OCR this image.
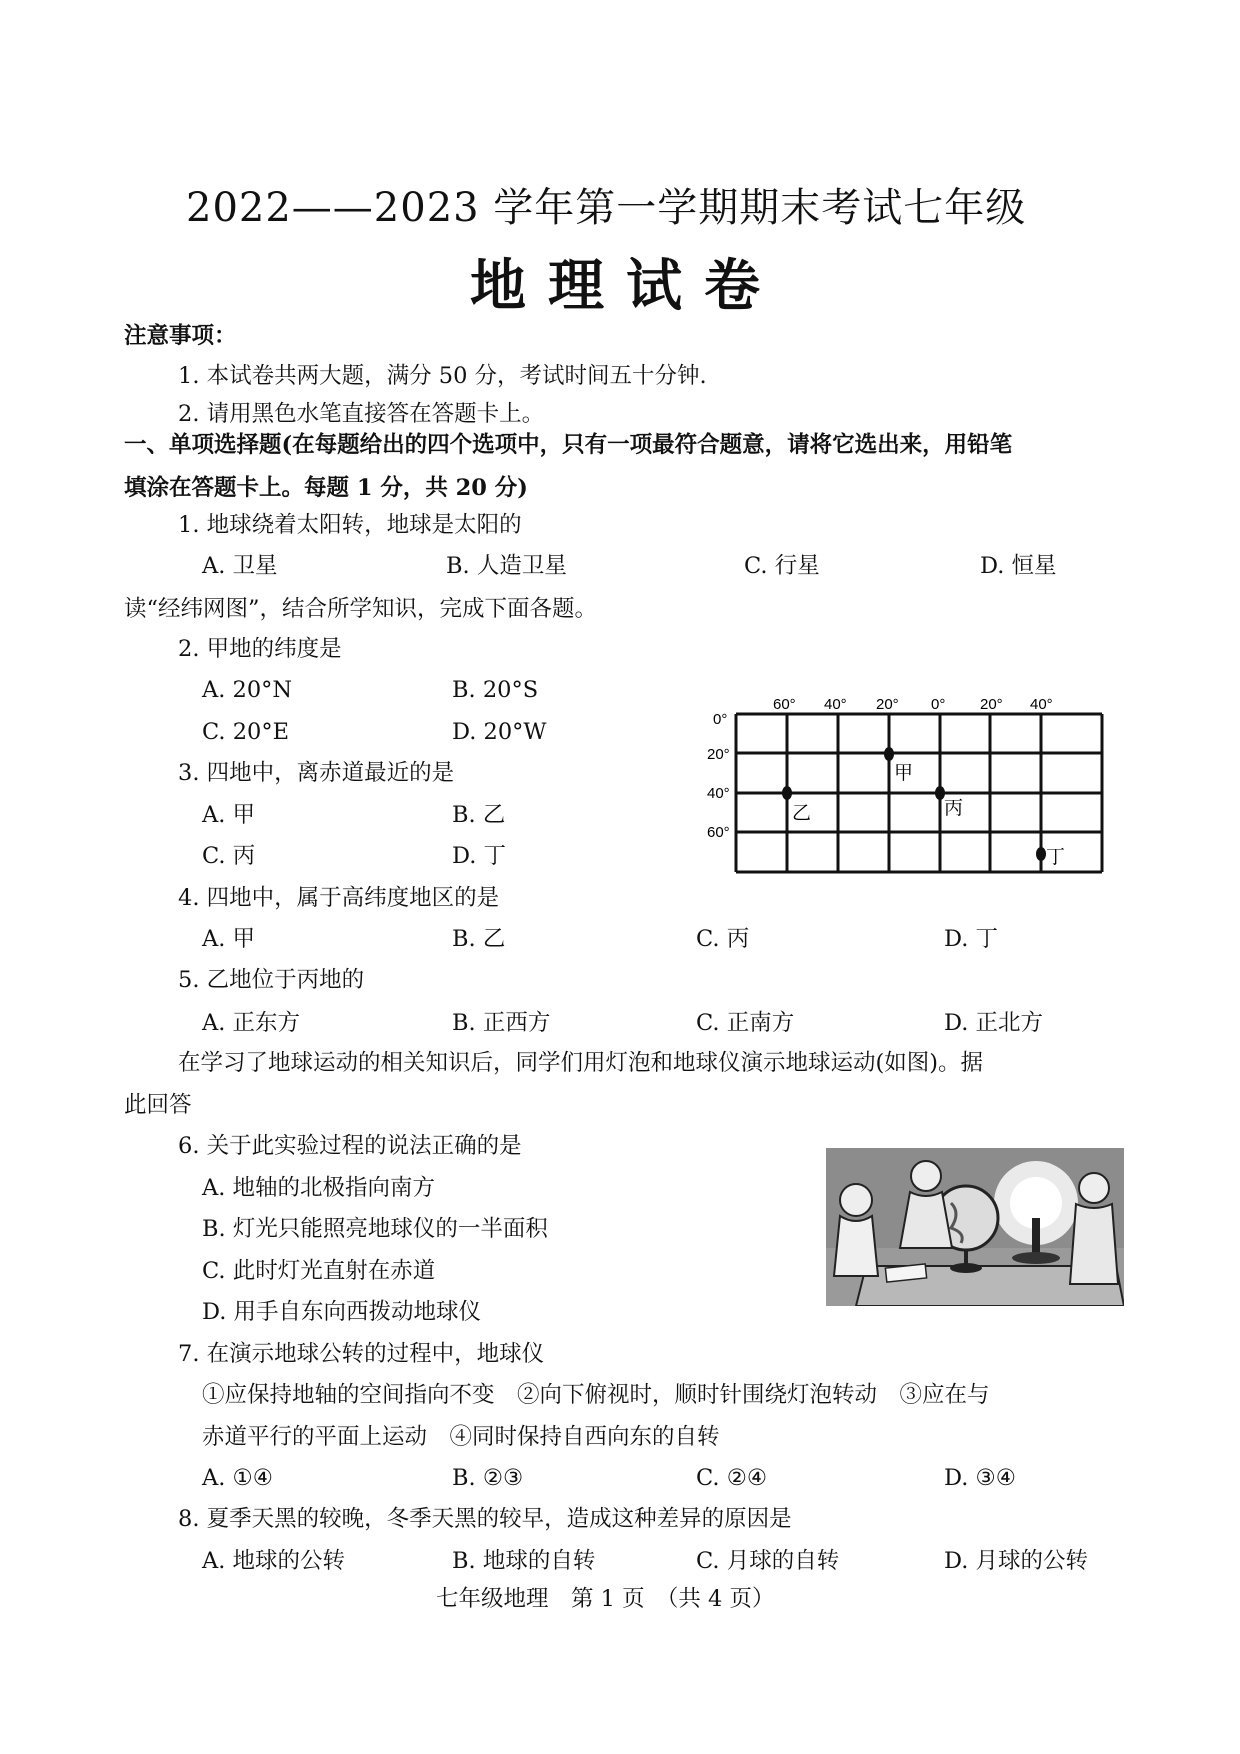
2022——2023 学年第一学期期末考试七年级
地理试卷
注意事项：
1. 本试卷共两大题，满分 50 分，考试时间五十分钟.
2. 请用黑色水笔直接答在答题卡上。
一、单项选择题(在每题给出的四个选项中，只有一项最符合题意，请将它选出来，用铅笔
填涂在答题卡上。每题 1 分，共 20 分)
1. 地球绕着太阳转，地球是太阳的
A. 卫星	B. 人造卫星	C. 行星	D. 恒星
读“经纬网图”，结合所学知识，完成下面各题。
2. 甲地的纬度是
A. 20°N	B. 20°S
C. 20°E	D. 20°W
3. 四地中，离赤道最近的是
A. 甲	B. 乙
C. 丙	D. 丁
60° 40° 20° 0° 20° 40°
0°
20°
40°
60°
甲
乙	丙
丁
4. 四地中，属于高纬度地区的是
A. 甲	B. 乙	C. 丙	D. 丁
5. 乙地位于丙地的
A. 正东方	B. 正西方	C. 正南方	D. 正北方
在学习了地球运动的相关知识后，同学们用灯泡和地球仪演示地球运动(如图)。据
此回答
6. 关于此实验过程的说法正确的是
A. 地轴的北极指向南方
B. 灯光只能照亮地球仪的一半面积
C. 此时灯光直射在赤道
D. 用手自东向西拨动地球仪
7. 在演示地球公转的过程中，地球仪
①应保持地轴的空间指向不变　②向下俯视时，顺时针围绕灯泡转动　③应在与
赤道平行的平面上运动　④同时保持自西向东的自转
A. ①④	B. ②③	C. ②④	D. ③④
8. 夏季天黑的较晚，冬季天黑的较早，造成这种差异的原因是
A. 地球的公转	B. 地球的自转	C. 月球的自转	D. 月球的公转
七年级地理　第 1 页　（共 4 页）
